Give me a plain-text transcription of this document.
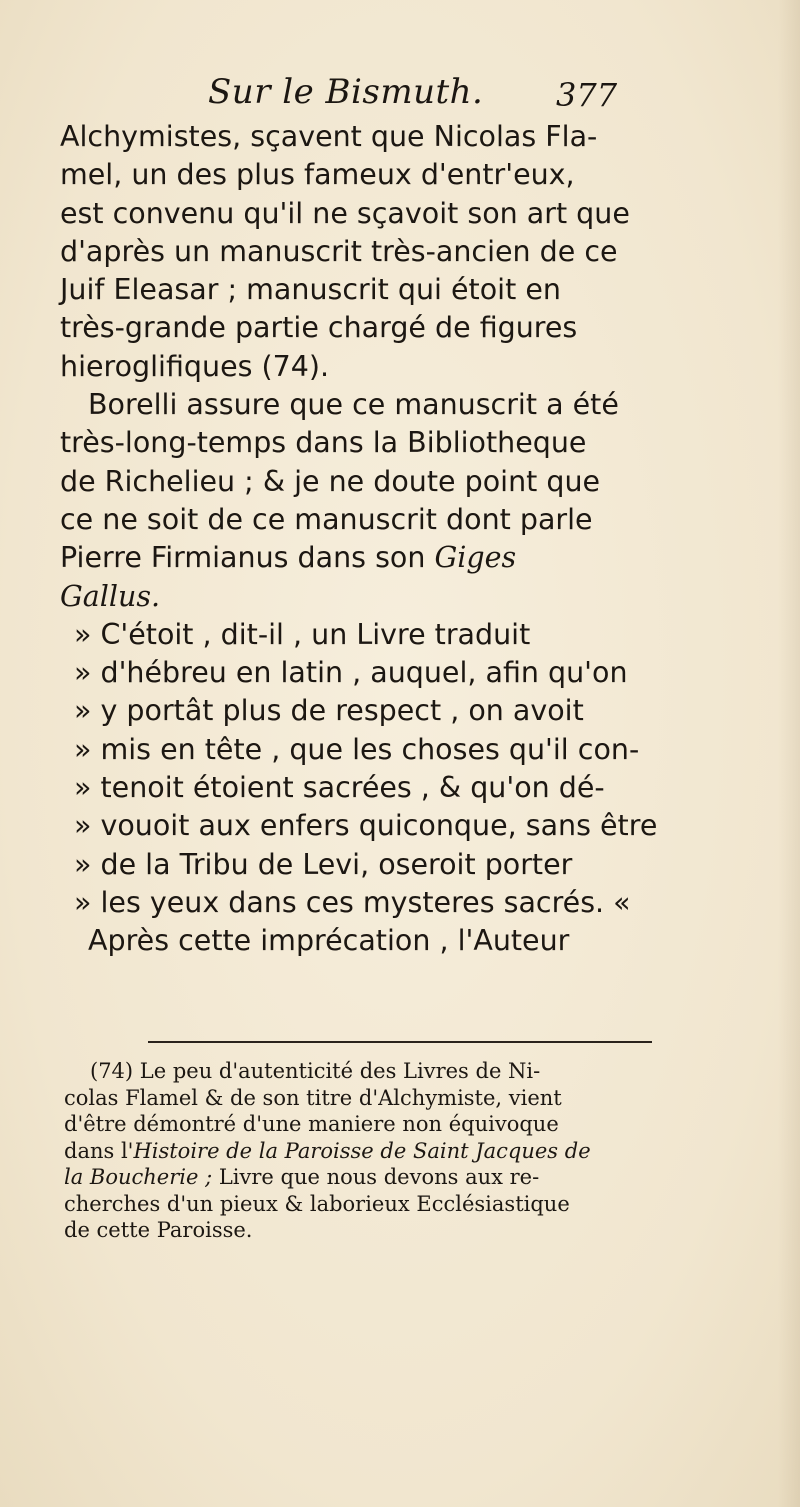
Sur le Bismuth. 377
Alchymistes, sçavent que Nicolas Fla-
mel, un des plus fameux d'entr'eux,
est convenu qu'il ne sçavoit son art que
d'après un manuscrit très-ancien de ce
Juif Eleasar ; manuscrit qui étoit en
très-grande partie chargé de figures
hieroglifiques (74).
Borelli assure que ce manuscrit a été
très-long-temps dans la Bibliotheque
de Richelieu ; & je ne doute point que
ce ne soit de ce manuscrit dont parle
Pierre Firmianus dans son Giges
Gallus.
» C'étoit , dit-il , un Livre traduit
» d'hébreu en latin , auquel, afin qu'on
» y portât plus de respect , on avoit
» mis en tête , que les choses qu'il con-
» tenoit étoient sacrées , & qu'on dé-
» vouoit aux enfers quiconque, sans être
» de la Tribu de Levi, oseroit porter
» les yeux dans ces mysteres sacrés. «
Après cette imprécation , l'Auteur
(74) Le peu d'autenticité des Livres de Ni-
colas Flamel & de son titre d'Alchymiste, vient
d'être démontré d'une maniere non équivoque
dans l'Histoire de la Paroisse de Saint Jacques de
la Boucherie ; Livre que nous devons aux re-
cherches d'un pieux & laborieux Ecclésiastique
de cette Paroisse.
